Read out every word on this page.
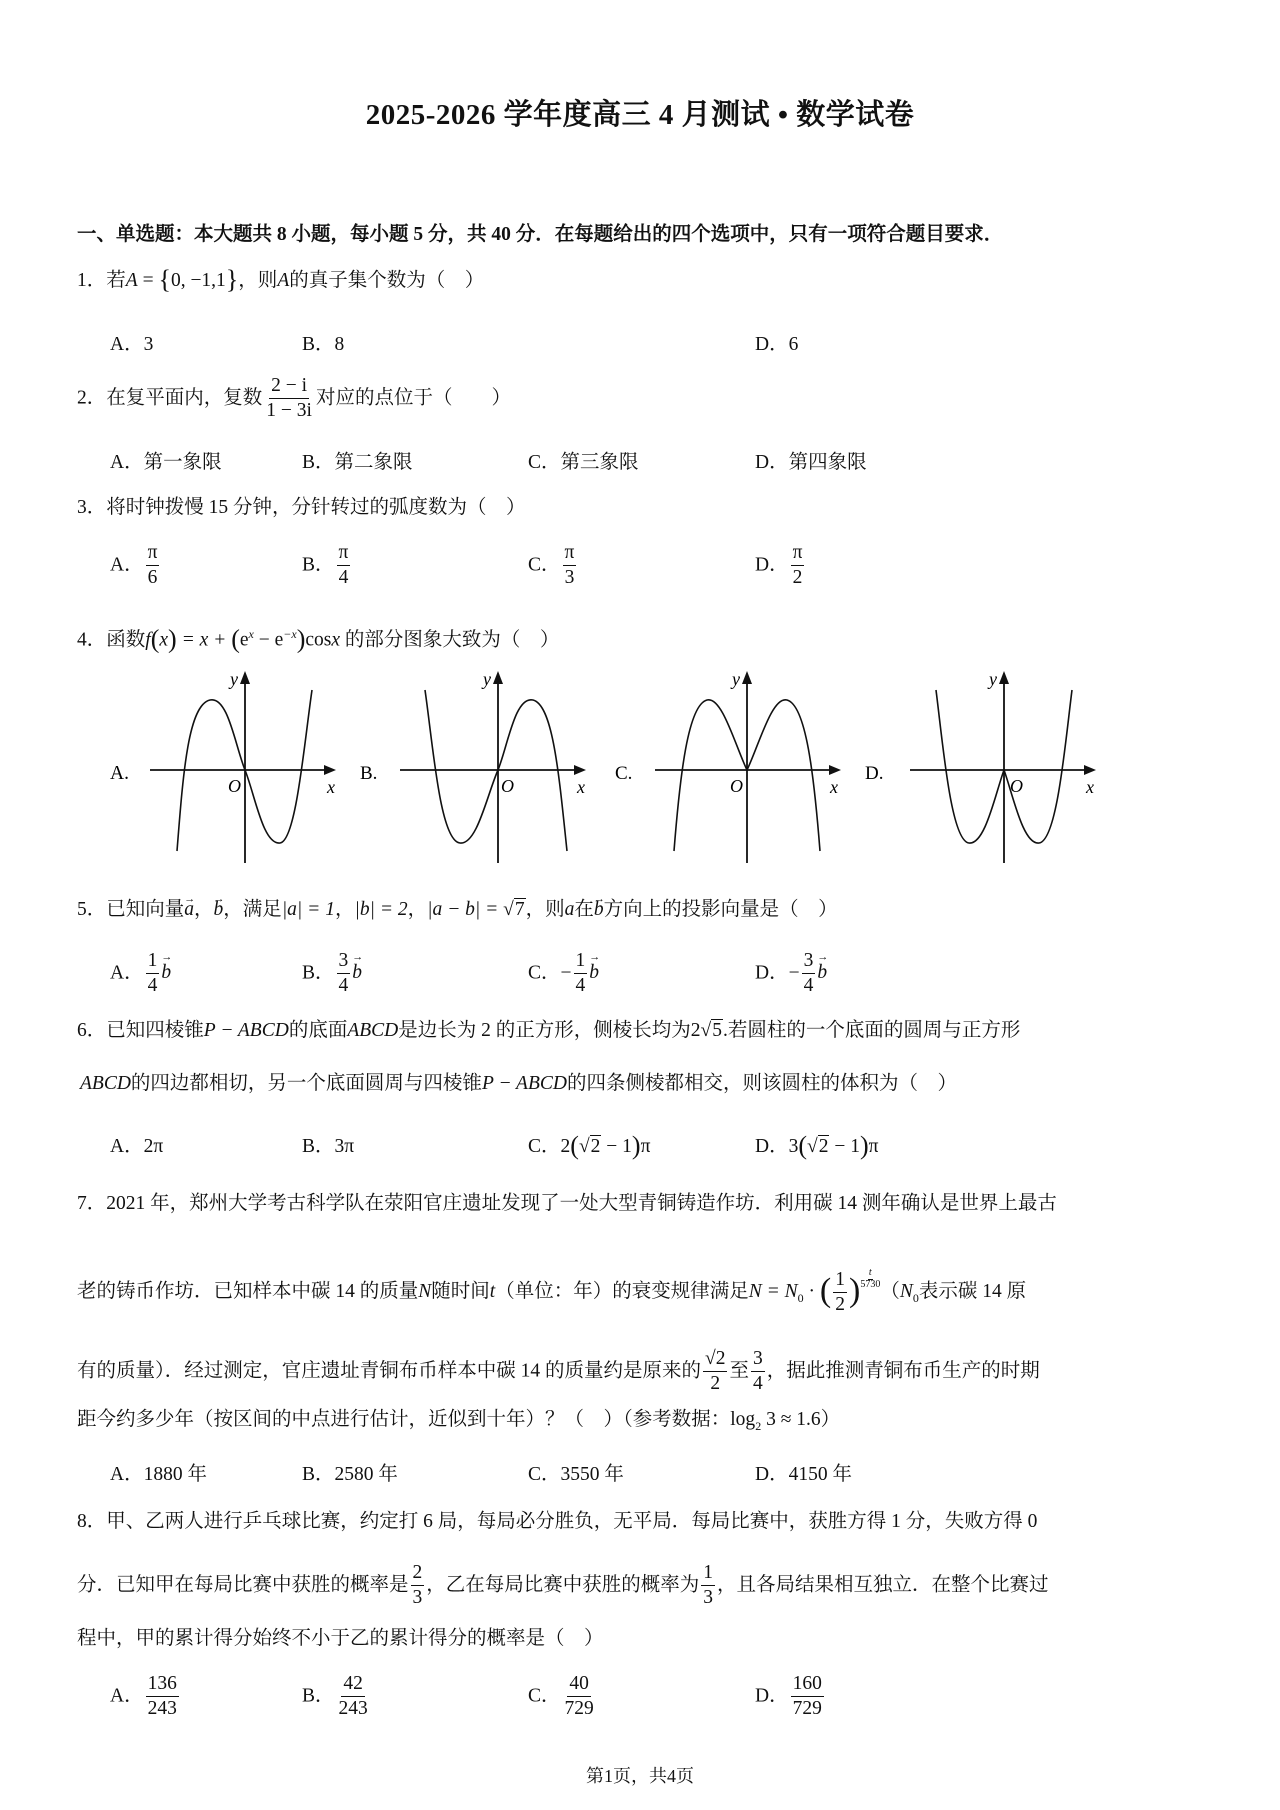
2025-2026 学年度高三 4 月测试 • 数学试卷
一、单选题：本大题共 8 小题，每小题 5 分，共 40 分．在每题给出的四个选项中，只有一项符合题目要求．
1．若A = {0, −1,1}，则A的真子集个数为（　）
A．3	B．8	D．6
2．在复平面内，复数 $\frac{2 - i}{1 - 3i}$ 对应的点位于（　　）
A．第一象限	B．第二象限	C．第三象限	D．第四象限
3．将时钟拨慢 15 分钟，分针转过的弧度数为（　）
A． $\frac{\pi}{6}$	B． $\frac{\pi}{4}$	C． $\frac{\pi}{3}$	D． $\frac{\pi}{2}$
4．函数$f(x) = x + (e^x - e^{-x})\cos x$ 的部分图象大致为（　）
A.
y
x
O
B.
y
x
O
C.
y
x
O
D.
y
x
O
5．已知向量→ a，→ b，满足|a| = 1，|b| = 2，|a − b| = √7，则a在→ b方向上的投影向量是（　）
A． $\frac{1}{4} \to b$	B． $\frac{3}{4} \to b$	C．− $\frac{1}{4} \to b$	D．− $\frac{3}{4} \to b$
6．已知四棱锥P − ABCD的底面ABCD是边长为 2 的正方形，侧棱长均为2√5.若圆柱的一个底面的圆周与正方形
ABCD的四边都相切，另一个底面圆周与四棱锥P − ABCD的四条侧棱都相交，则该圆柱的体积为（　）
A．2π	B．3π	C．2(√2 − 1)π	D．3(√2 − 1)π
7．2021 年，郑州大学考古科学队在荥阳官庄遗址发现了一处大型青铜铸造作坊．利用碳 14 测年确认是世界上最古
老的铸币作坊．已知样本中碳 14 的质量N随时间t（单位：年）的衰变规律满足$N = N_0$ · ( $\frac{1}{2}$ ) $\frac{t}{5730}$
（$N_0$表示碳 14 原
有的质量）．经过测定，官庄遗址青铜布币样本中碳 14 的质量约是原来的 $\frac{√2}{2}$ 至 $\frac{3}{4}$ ，据此推测青铜布币生产的时期
距今约多少年（按区间的中点进行估计，近似到十年）？（　）（参考数据：$\log_2 3 \approx 1.6$）
A．1880 年	B．2580 年	C．3550 年	D．4150 年
8．甲、乙两人进行乒乓球比赛，约定打 6 局，每局必分胜负，无平局．每局比赛中，获胜方得 1 分，失败方得 0
分．已知甲在每局比赛中获胜的概率是 $\frac{2}{3}$ ，乙在每局比赛中获胜的概率为 $\frac{1}{3}$ ，且各局结果相互独立．在整个比赛过
程中，甲的累计得分始终不小于乙的累计得分的概率是（　）
A． $\frac{136}{243}$	B． $\frac{42}{243}$	C． $\frac{40}{729}$	D． $\frac{160}{729}$
第1页，共4页
